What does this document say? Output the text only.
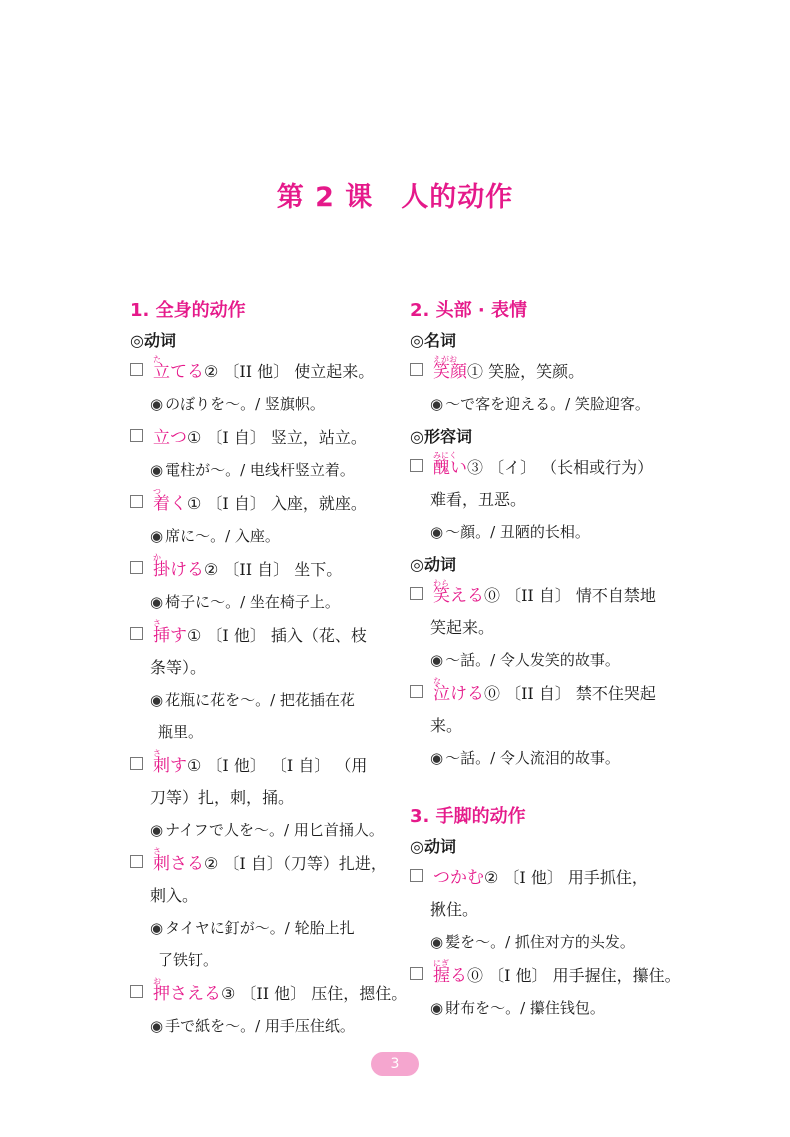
第 2 课　人的动作
1. 全身的动作
◎动词
た
立てる② 〔II 他〕 使立起来。
◉ のぼりを～。/ 竖旗帜。
立つ① 〔I 自〕 竖立，站立。
◉ 電柱が～。/ 电线杆竖立着。
つ
着く① 〔I 自〕 入座，就座。
◉ 席に～。/ 入座。
か
掛ける② 〔II 自〕 坐下。
◉ 椅子に～。/ 坐在椅子上。
さ
挿す① 〔I 他〕 插入（花、枝
条等）。
◉ 花瓶に花を～。/ 把花插在花
瓶里。
さ
刺す① 〔I 他〕 〔I 自〕 （用
刀等）扎，刺，捅。
◉ ナイフで人を～。/ 用匕首捅人。
さ
刺さる② 〔I 自〕（刀等）扎进，
刺入。
◉ タイヤに釘が～。/ 轮胎上扎
了铁钉。
お
押さえる③ 〔II 他〕 压住，摁住。
◉ 手で紙を～。/ 用手压住纸。
2. 头部 · 表情
◎名词
えがお
笑顔① 笑脸，笑颜。
◉ ～で客を迎える。/ 笑脸迎客。
◎形容词
みにく
醜い③ 〔イ〕 （长相或行为）
难看，丑恶。
◉ ～顔。/ 丑陋的长相。
◎动词
わら
笑える⓪ 〔II 自〕 情不自禁地
笑起来。
◉ ～話。/ 令人发笑的故事。
な
泣ける⓪ 〔II 自〕 禁不住哭起
来。
◉ ～話。/ 令人流泪的故事。
3. 手脚的动作
◎动词
つかむ② 〔I 他〕 用手抓住，
揪住。
◉ 髪を～。/ 抓住对方的头发。
にぎ
握る⓪ 〔I 他〕 用手握住，攥住。
◉ 財布を～。/ 攥住钱包。
3
